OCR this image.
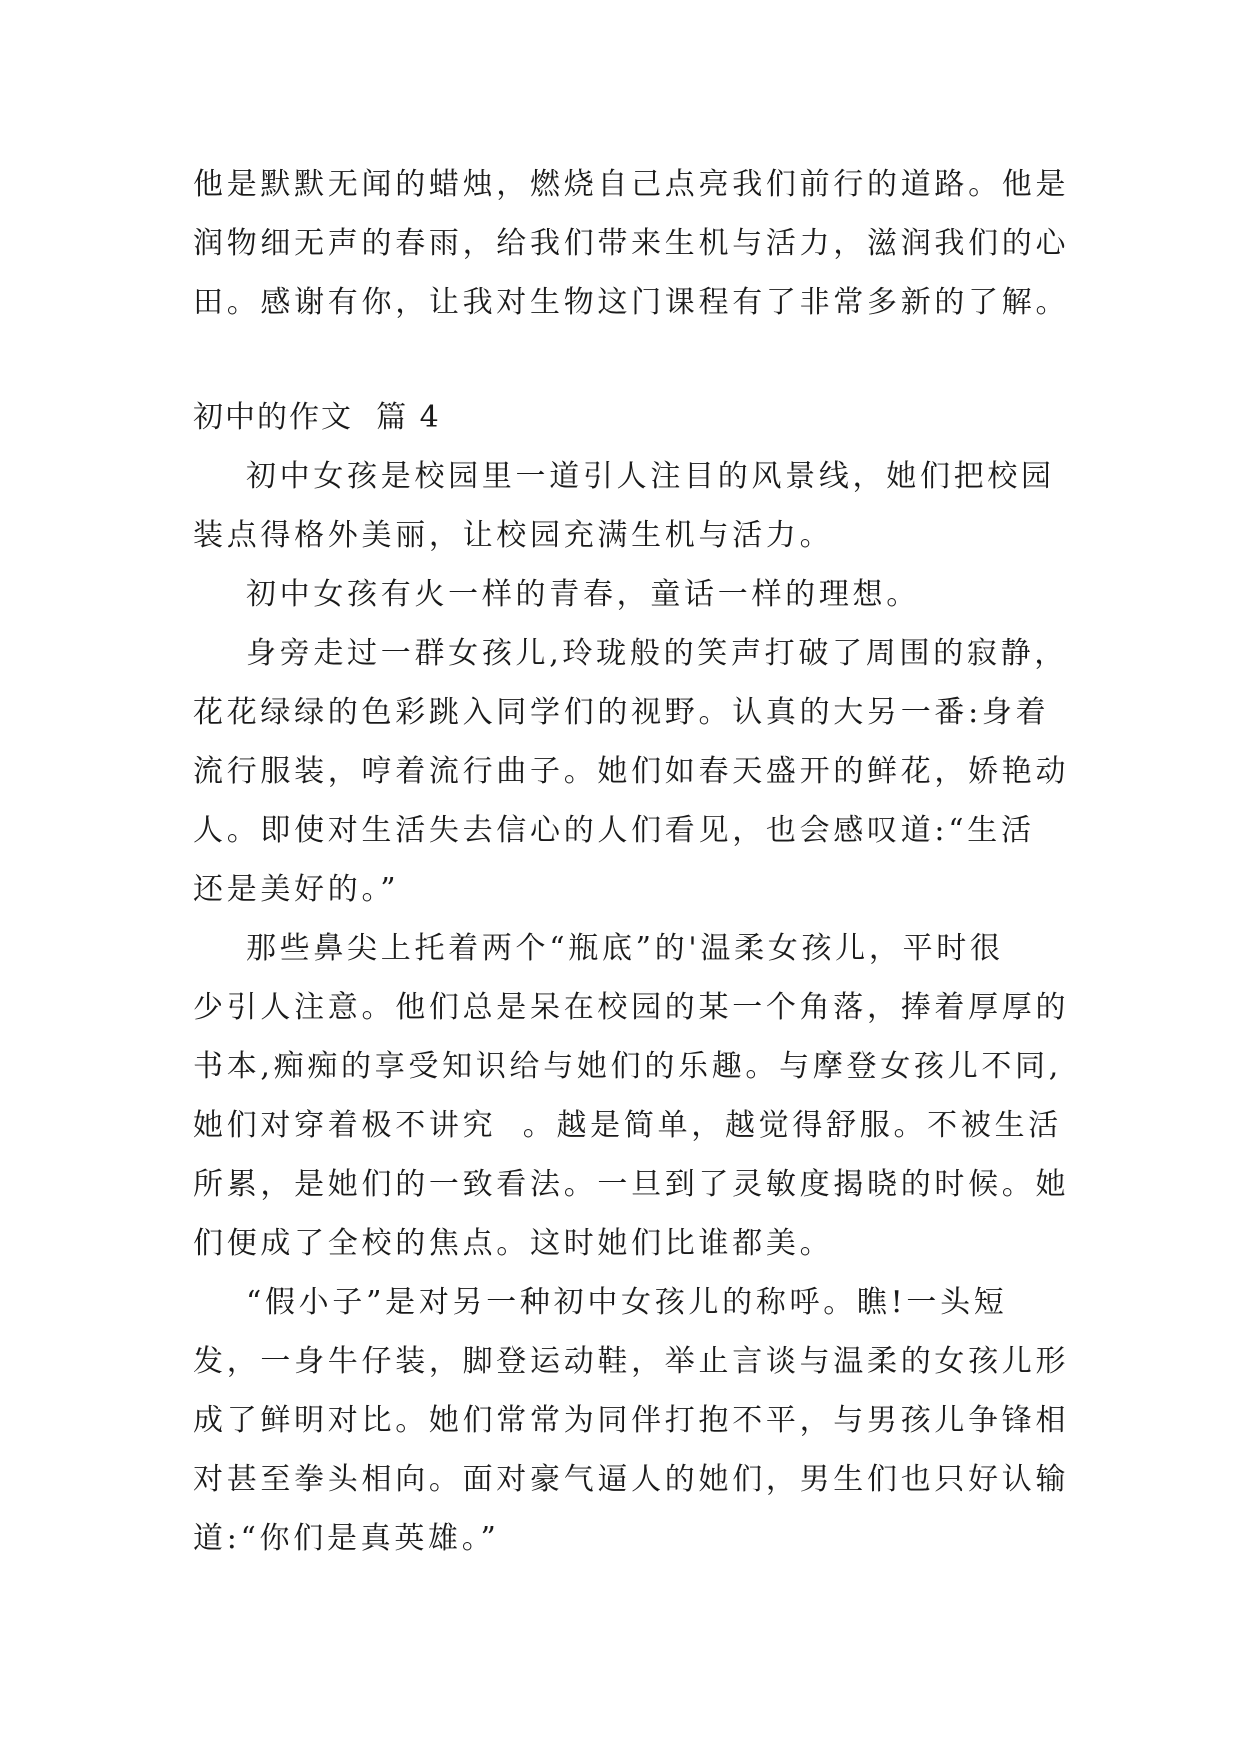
他是默默无闻的蜡烛，燃烧自己点亮我们前行的道路。他是

润物细无声的春雨，给我们带来生机与活力，滋润我们的心

田。感谢有你，让我对生物这门课程有了非常多新的了解。

初中的作文  篇 4

初中女孩是校园里一道引人注目的风景线，她们把校园

装点得格外美丽，让校园充满生机与活力。

初中女孩有火一样的青春，童话一样的理想。

身旁走过一群女孩儿,玲珑般的笑声打破了周围的寂静，

花花绿绿的色彩跳入同学们的视野。认真的大另一番:身着

流行服装，哼着流行曲子。她们如春天盛开的鲜花，娇艳动

人。即使对生活失去信心的人们看见，也会感叹道:“生活

还是美好的。”

那些鼻尖上托着两个“瓶底”的'温柔女孩儿，平时很

少引人注意。他们总是呆在校园的某一个角落，捧着厚厚的

书本,痴痴的享受知识给与她们的乐趣。与摩登女孩儿不同,

她们对穿着极不讲究  。越是简单，越觉得舒服。不被生活

所累，是她们的一致看法。一旦到了灵敏度揭晓的时候。她

们便成了全校的焦点。这时她们比谁都美。

“假小子”是对另一种初中女孩儿的称呼。瞧!一头短

发，一身牛仔装，脚登运动鞋，举止言谈与温柔的女孩儿形

成了鲜明对比。她们常常为同伴打抱不平，与男孩儿争锋相

对甚至拳头相向。面对豪气逼人的她们，男生们也只好认输

道:“你们是真英雄。”
